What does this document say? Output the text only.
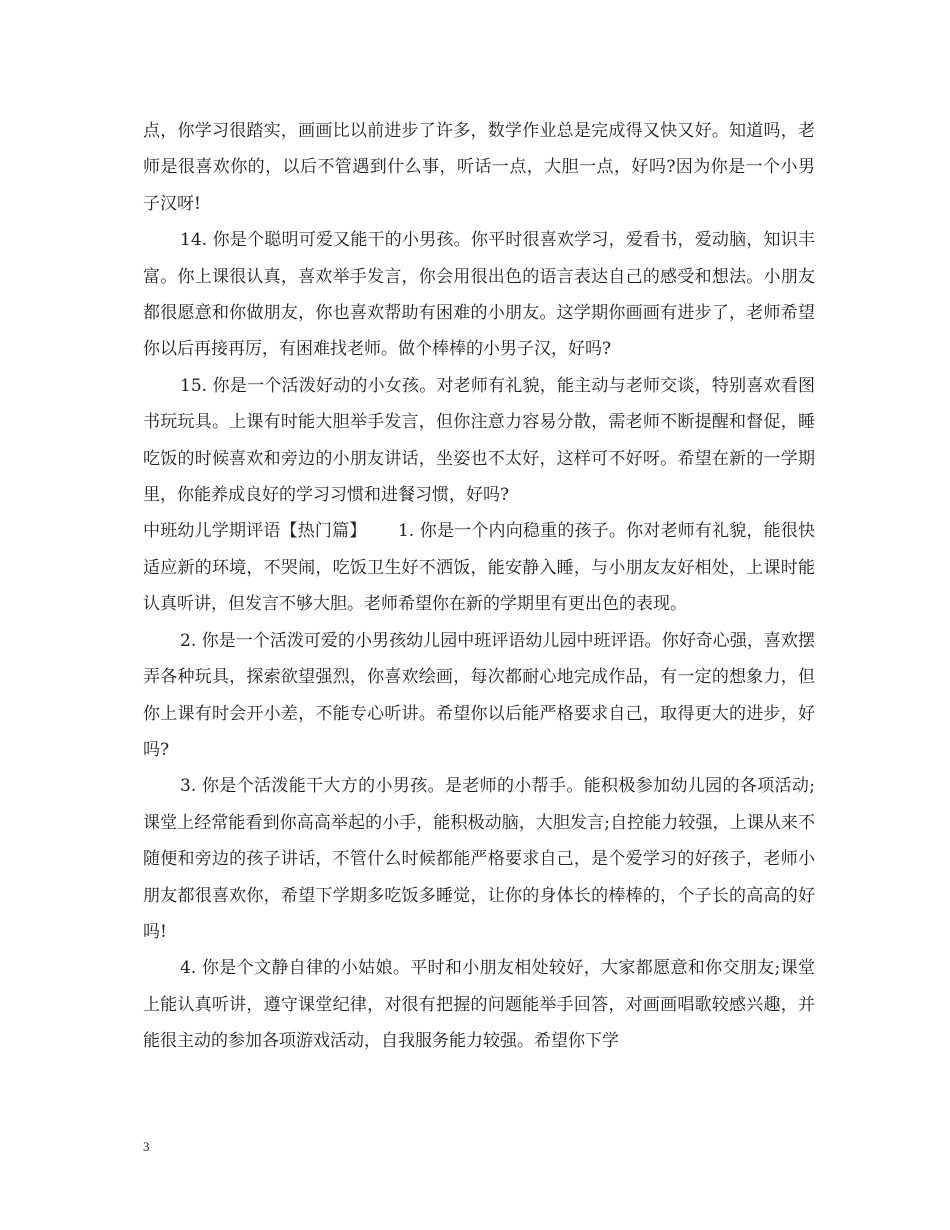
点，你学习很踏实，画画比以前进步了许多，数学作业总是完成得又快又好。知道吗，老师是很喜欢你的，以后不管遇到什么事，听话一点，大胆一点，好吗?因为你是一个小男子汉呀!

14. 你是个聪明可爱又能干的小男孩。你平时很喜欢学习，爱看书，爱动脑，知识丰富。你上课很认真，喜欢举手发言，你会用很出色的语言表达自己的感受和想法。小朋友都很愿意和你做朋友，你也喜欢帮助有困难的小朋友。这学期你画画有进步了，老师希望你以后再接再厉，有困难找老师。做个棒棒的小男子汉，好吗?

15. 你是一个活泼好动的小女孩。对老师有礼貌，能主动与老师交谈，特别喜欢看图书玩玩具。上课有时能大胆举手发言，但你注意力容易分散，需老师不断提醒和督促，睡吃饭的时候喜欢和旁边的小朋友讲话，坐姿也不太好，这样可不好呀。希望在新的一学期里，你能养成良好的学习习惯和进餐习惯，好吗?

中班幼儿学期评语【热门篇】　　 1. 你是一个内向稳重的孩子。你对老师有礼貌，能很快适应新的环境，不哭闹，吃饭卫生好不洒饭，能安静入睡，与小朋友友好相处，上课时能认真听讲，但发言不够大胆。老师希望你在新的学期里有更出色的表现。

2. 你是一个活泼可爱的小男孩幼儿园中班评语幼儿园中班评语。你好奇心强，喜欢摆弄各种玩具，探索欲望强烈，你喜欢绘画，每次都耐心地完成作品，有一定的想象力，但你上课有时会开小差，不能专心听讲。希望你以后能严格要求自己，取得更大的进步，好吗?

3. 你是个活泼能干大方的小男孩。是老师的小帮手。能积极参加幼儿园的各项活动;课堂上经常能看到你高高举起的小手，能积极动脑，大胆发言;自控能力较强，上课从来不随便和旁边的孩子讲话，不管什么时候都能严格要求自己，是个爱学习的好孩子，老师小朋友都很喜欢你，希望下学期多吃饭多睡觉，让你的身体长的棒棒的，个子长的高高的好吗!

4. 你是个文静自律的小姑娘。平时和小朋友相处较好，大家都愿意和你交朋友;课堂上能认真听讲，遵守课堂纪律，对很有把握的问题能举手回答，对画画唱歌较感兴趣，并能很主动的参加各项游戏活动，自我服务能力较强。希望你下学

3
